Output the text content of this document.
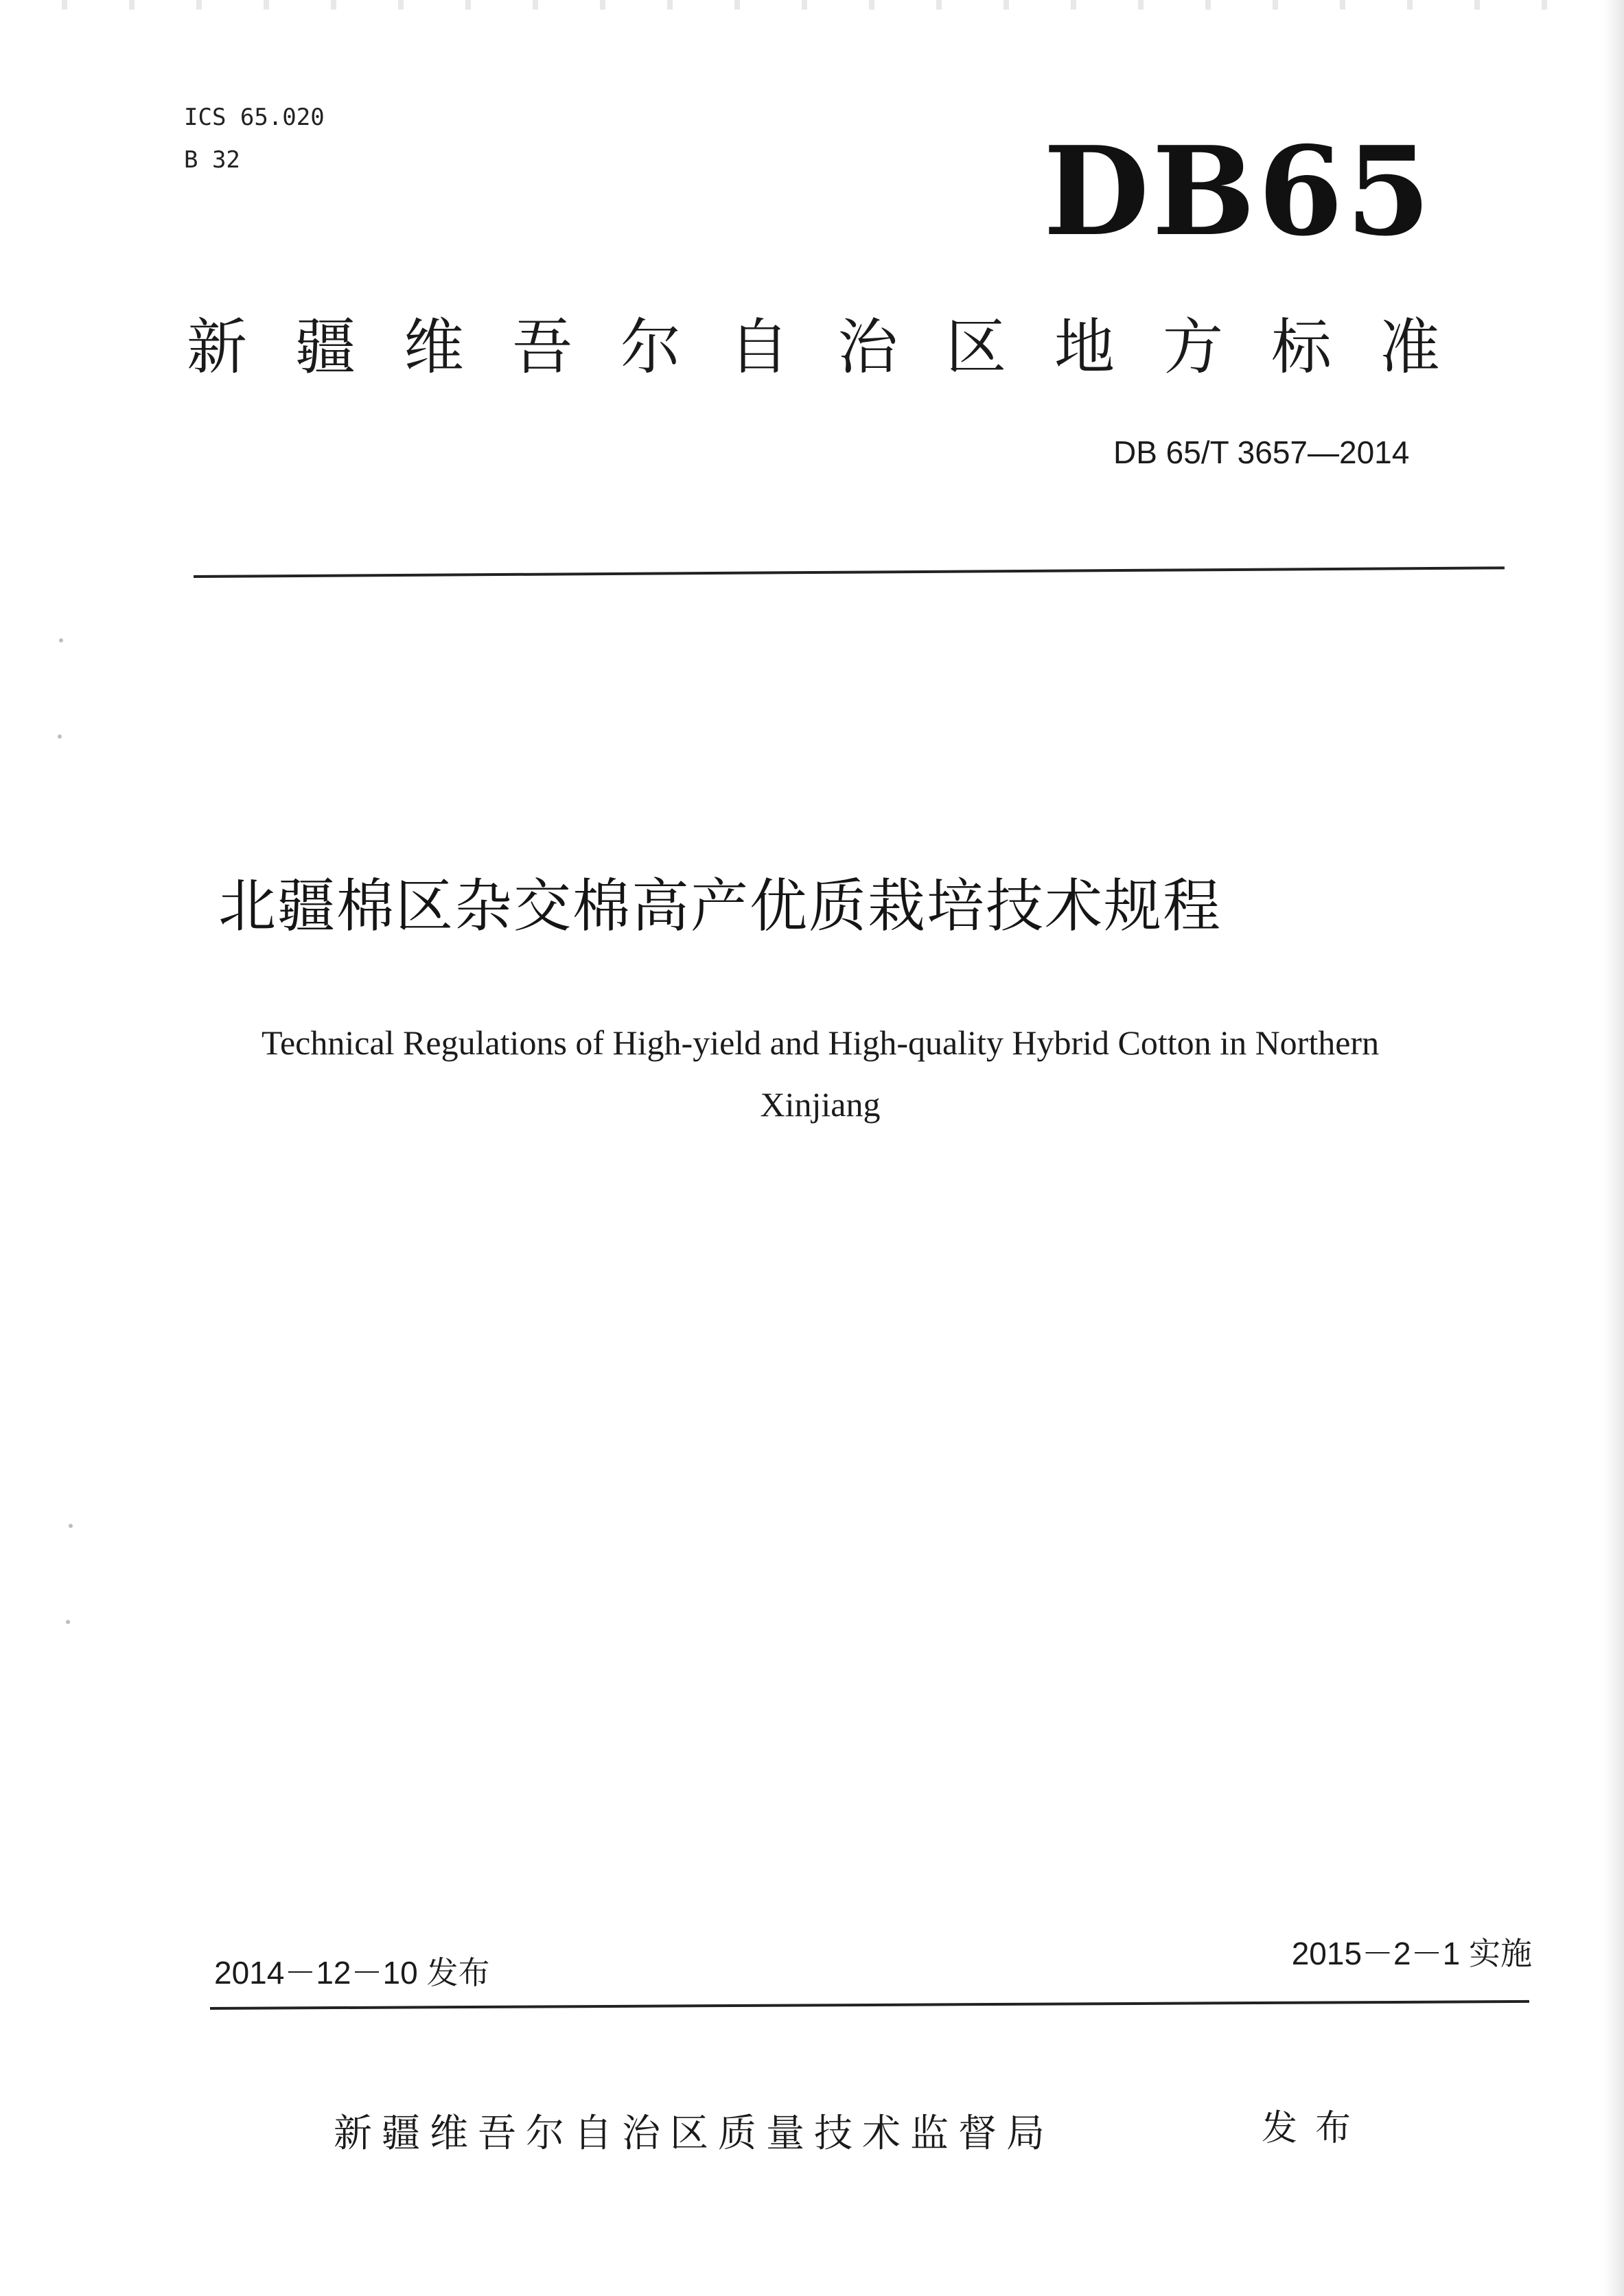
ICS 65.020
B 32	DB65
新疆维吾尔自治区地方标准
DB 65/T 3657—2014
北疆棉区杂交棉高产优质栽培技术规程
Technical Regulations of High-yield and High-quality Hybrid Cotton in Northern
Xinjiang
2014－12－10 发布
2015－2－1 实施
新疆维吾尔自治区质量技术监督局	发布
